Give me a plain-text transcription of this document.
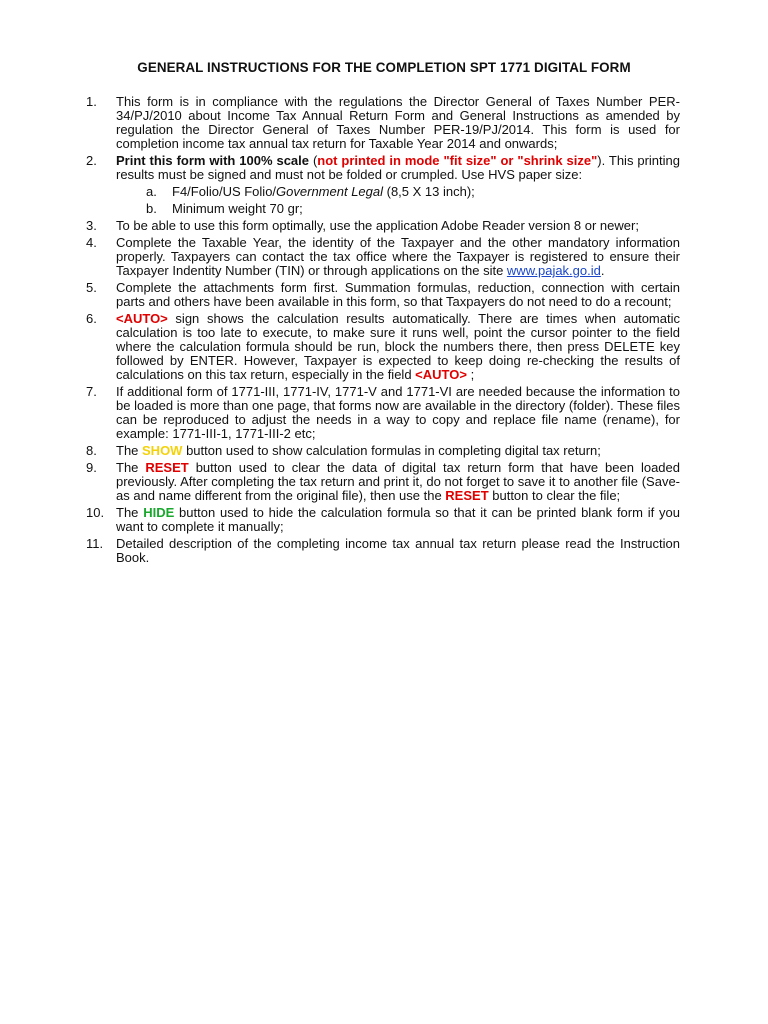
GENERAL INSTRUCTIONS FOR THE COMPLETION SPT 1771 DIGITAL FORM
1. This form is in compliance with the regulations the Director General of Taxes Number PER-34/PJ/2010 about Income Tax Annual Return Form and General Instructions as amended by regulation the Director General of Taxes Number PER-19/PJ/2014. This form is used for completion income tax annual tax return for Taxable Year 2014 and onwards;
2. Print this form with 100% scale (not printed in mode "fit size" or "shrink size"). This printing results must be signed and must not be folded or crumpled. Use HVS paper size:
a. F4/Folio/US Folio/Government Legal (8,5 X 13 inch);
b. Minimum weight 70 gr;
3. To be able to use this form optimally, use the application Adobe Reader version 8 or newer;
4. Complete the Taxable Year, the identity of the Taxpayer and the other mandatory information properly. Taxpayers can contact the tax office where the Taxpayer is registered to ensure their Taxpayer Indentity Number (TIN) or through applications on the site www.pajak.go.id.
5. Complete the attachments form first. Summation formulas, reduction, connection with certain parts and others have been available in this form, so that Taxpayers do not need to do a recount;
6. <AUTO> sign shows the calculation results automatically. There are times when automatic calculation is too late to execute, to make sure it runs well, point the cursor pointer to the field where the calculation formula should be run, block the numbers there, then press DELETE key followed by ENTER. However, Taxpayer is expected to keep doing re-checking the results of calculations on this tax return, especially in the field <AUTO> ;
7. If additional form of 1771-III, 1771-IV, 1771-V and 1771-VI are needed because the information to be loaded is more than one page, that forms now are available in the directory (folder). These files can be reproduced to adjust the needs in a way to copy and replace file name (rename), for example: 1771-III-1, 1771-III-2 etc;
8. The SHOW button used to show calculation formulas in completing digital tax return;
9. The RESET button used to clear the data of digital tax return form that have been loaded previously. After completing the tax return and print it, do not forget to save it to another file (Save-as and name different from the original file), then use the RESET button to clear the file;
10. The HIDE button used to hide the calculation formula so that it can be printed blank form if you want to complete it manually;
11. Detailed description of the completing income tax annual tax return please read the Instruction Book.
